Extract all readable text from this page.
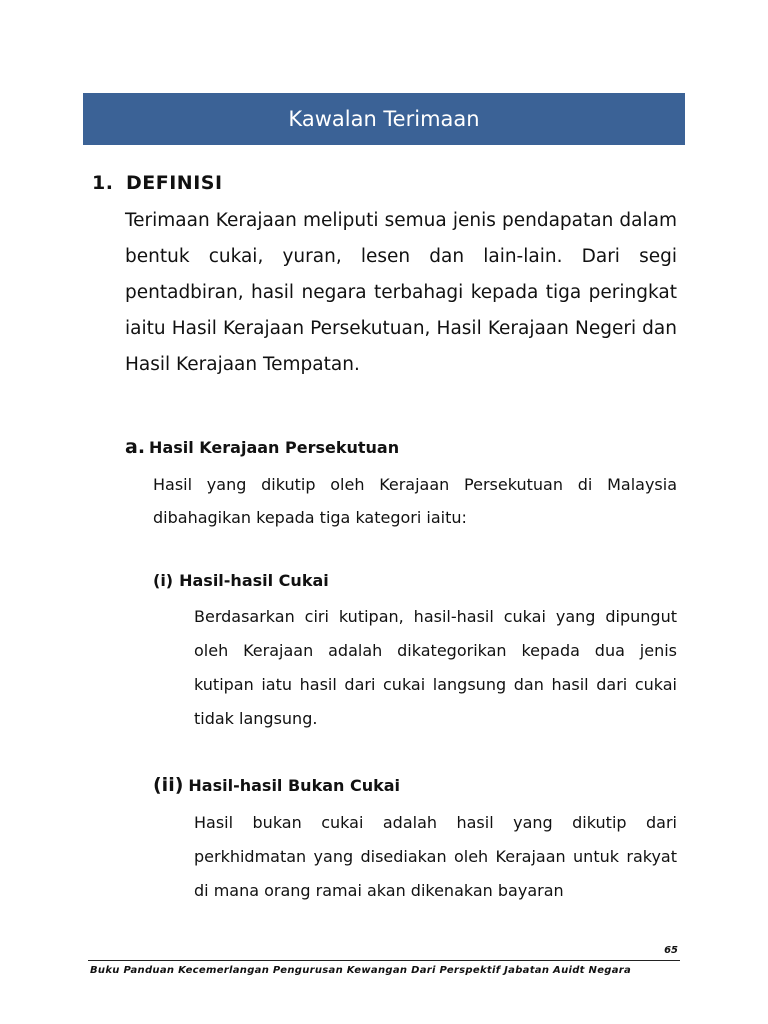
Kawalan Terimaan
1. DEFINISI

Terimaan Kerajaan meliputi semua jenis pendapatan dalam bentuk cukai, yuran, lesen dan lain-lain. Dari segi pentadbiran, hasil negara terbahagi kepada tiga peringkat iaitu Hasil Kerajaan Persekutuan, Hasil Kerajaan Negeri dan Hasil Kerajaan Tempatan.

a. Hasil Kerajaan Persekutuan

Hasil yang dikutip oleh Kerajaan Persekutuan di Malaysia dibahagikan kepada tiga kategori iaitu:

(i) Hasil-hasil Cukai

Berdasarkan ciri kutipan, hasil-hasil cukai yang dipungut oleh Kerajaan adalah dikategorikan kepada dua jenis kutipan iatu hasil dari cukai langsung dan hasil dari cukai tidak langsung.

(ii) Hasil-hasil Bukan Cukai

Hasil bukan cukai adalah hasil yang dikutip dari perkhidmatan yang disediakan oleh Kerajaan untuk rakyat di mana orang ramai akan dikenakan bayaran

65
Buku Panduan Kecemerlangan Pengurusan Kewangan Dari Perspektif Jabatan Auidt Negara
